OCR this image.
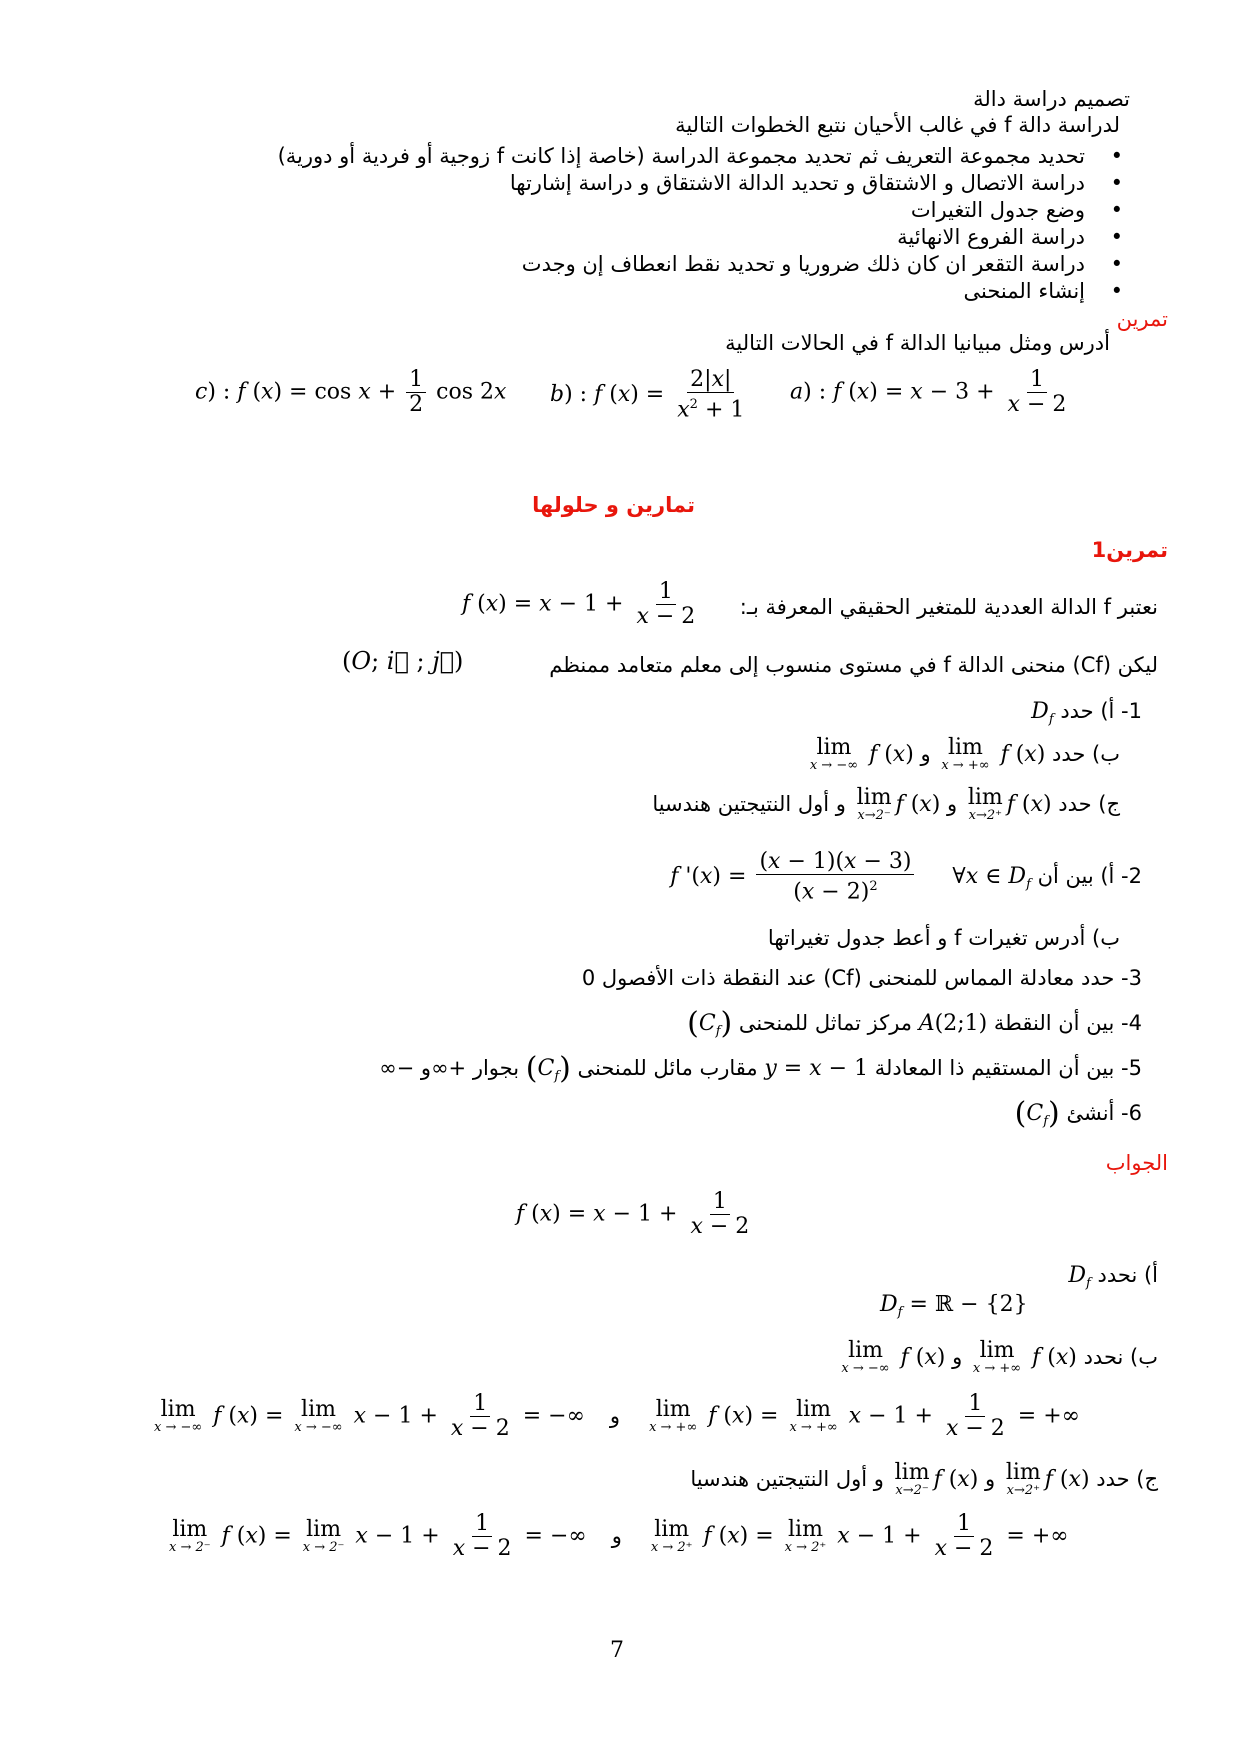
تصميم دراسة دالة
لدراسة دالة f في غالب الأحيان نتبع الخطوات التالية
•
تحديد مجموعة التعريف ثم تحديد مجموعة الدراسة (خاصة إذا كانت f زوجية أو فردية أو دورية)
•
دراسة الاتصال و الاشتقاق و تحديد الدالة الاشتقاق و دراسة إشارتها
•
وضع جدول التغيرات
•
دراسة الفروع الانهائية
•
دراسة التقعر ان كان ذلك ضروريا و تحديد نقط انعطاف إن وجدت
•
إنشاء المنحنى
تمرين
أدرس ومثل مبيانيا الدالة f في الحالات التالية
c) : f $(x) = \cos x + \frac{1}{2}$ cos 2x b) : f $(x) = \frac{2|x|}{x^2 + 1} a$) : f $(x) = x - 3 + \frac{1}{x - 2}$
تمارين و حلولها
تمرين1
f $(x) = x - 1 + \frac{1}{x - 2}$ نعتبر f الدالة العددية للمتغير الحقيقي المعرفة بـ:
(O; i⃗ ; j⃗)	ليكن (Cf) منحنى الدالة f في مستوى منسوب إلى معلم متعامد ممنظم
1- أ) حدد $D_f$
ب) حدد
lim
x → +∞ f (x) و
lim
x → −∞ f (x)
ج) حدد
lim
x→2⁺ f (x) و
lim
x→2⁻ f (x) و أول النتيجتين هندسيا
2- أ) بين أن f '$(x) = \frac{(x - 1)(x - 3)}{(x - 2)^2}$ ∀x ∈ $D_f$
ب) أدرس تغيرات f و أعط جدول تغيراتها
3- حدد معادلة المماس للمنحنى (Cf) عند النقطة ذات الأفصول 0
4- بين أن النقطة A(2;1) مركز تماثل للمنحنى $(C_f)$
5- بين أن المستقيم ذا المعادلة y = x − 1 مقارب مائل للمنحنى $(C_f)$ بجوار +∞و −∞
6- أنشئ $(C_f)$
الجواب
f $(x) = x - 1 + \frac{1}{x - 2}$
أ) نحدد $D_f$
$D_f$ = ℝ − {2}
ب) نحدد
lim
x → +∞ f (x) و
lim
x → −∞ f (x)
lim
x → −∞ f (x) = lim
x → −∞ $x - 1 + \frac{1}{x - 2}$ = −∞ و lim
x → +∞ f (x) = lim
x → +∞ $x - 1 + \frac{1}{x - 2}$ = +∞
ج) حدد
lim
x→2⁺ f (x) و
lim
x→2⁻ f (x) و أول النتيجتين هندسيا
lim
x → 2⁻ f (x) = lim
x → 2⁻ $x - 1 + \frac{1}{x - 2}$ = −∞ و lim
x → 2⁺ f (x) = lim
x → 2⁺ $x - 1 + \frac{1}{x - 2}$ = +∞
7
